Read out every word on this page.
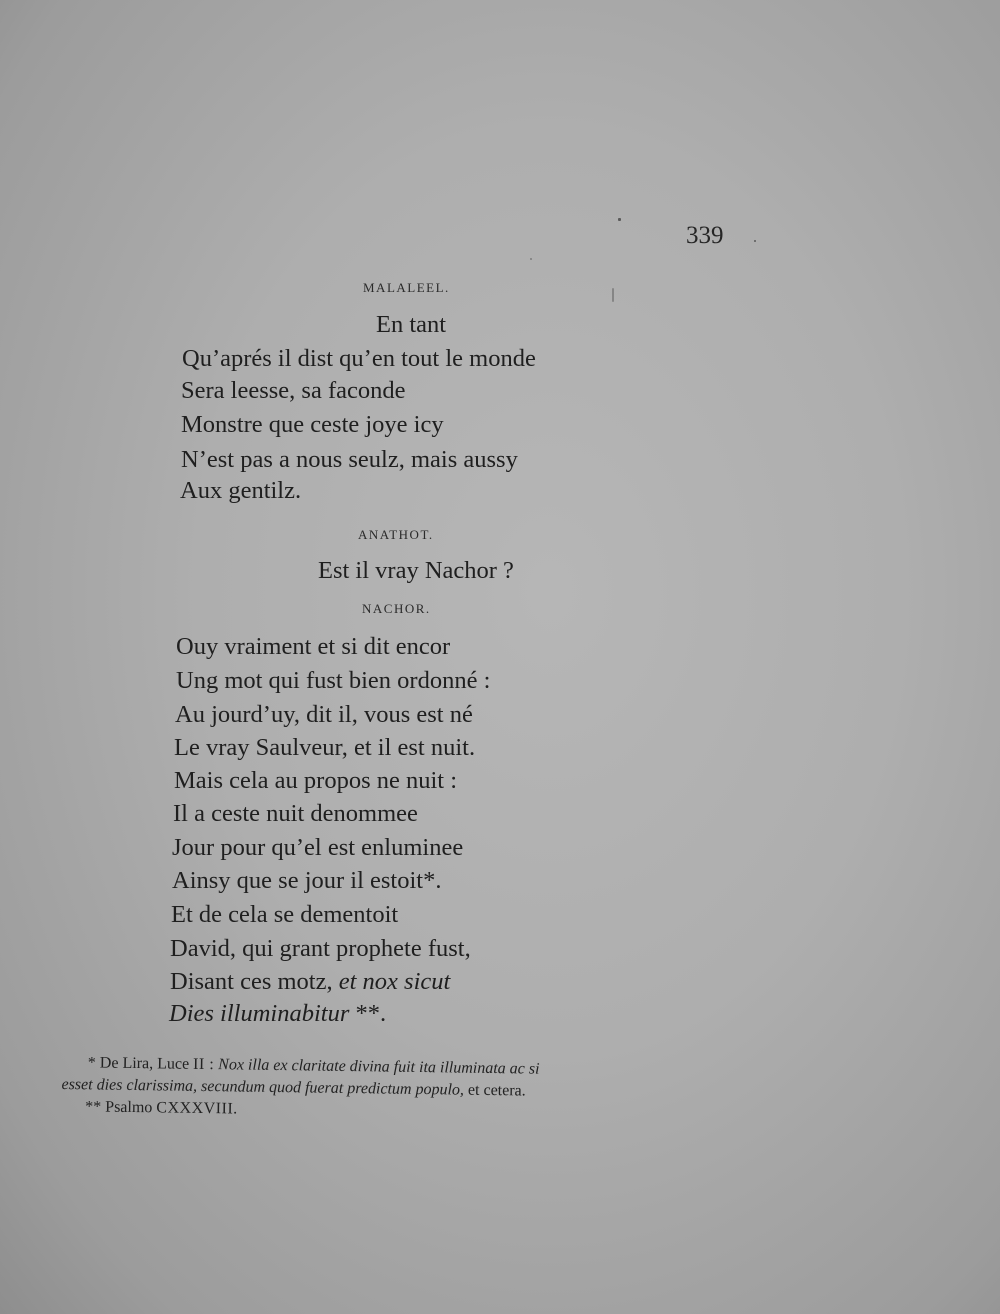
339
MALALEEL.
En tant
Qu’aprés il dist qu’en tout le monde
Sera leesse, sa faconde
Monstre que ceste joye icy
N’est pas a nous seulz, mais aussy
Aux gentilz.
ANATHOT.
Est il vray Nachor ?
NACHOR.
Ouy vraiment et si dit encor
Ung mot qui fust bien ordonné :
Au jourd’uy, dit il, vous est né
Le vray Saulveur, et il est nuit.
Mais cela au propos ne nuit :
Il a ceste nuit denommee
Jour pour qu’el est enluminee
Ainsy que se jour il estoit*.
Et de cela se dementoit
David, qui grant prophete fust,
Disant ces motz, et nox sicut
Dies illuminabitur **.

* De Lira, Luce II : Nox illa ex claritate divina fuit ita illuminata ac si

esset dies clarissima, secundum quod fuerat predictum populo, et cetera.

** Psalmo CXXXVIII.
